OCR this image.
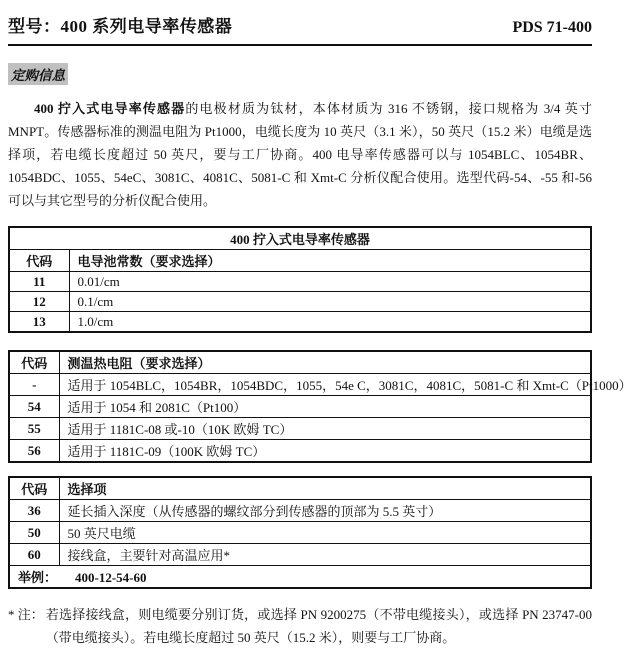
型号：400 系列电导率传感器	PDS 71-400
定购信息

400 拧入式电导率传感器的电极材质为钛材，本体材质为 316 不锈钢，接口规格为 3/4 英寸 MNPT。传感器标准的测温电阻为 Pt1000，电缆长度为 10 英尺（3.1 米），50 英尺（15.2 米）电缆是选择项，若电缆长度超过 50 英尺，要与工厂协商。400 电导率传感器可以与 1054BLC、1054BR、1054BDC、1055、54eC、3081C、4081C、5081-C 和 Xmt-C 分析仪配合使用。选型代码-54、-55 和-56 可以与其它型号的分析仪配合使用。

400 拧入式电导率传感器	
代码	电导池常数（要求选择）
11	0.01/cm
12	0.1/cm
13	1.0/cm
代码	测温热电阻（要求选择）
-	适用于 1054BLC，1054BR，1054BDC，1055，54e C，3081C，4081C，5081-C 和 Xmt-C（Pt1000）
54	适用于 1054 和 2081C（Pt100）
55	适用于 1181C-08 或-10（10K 欧姆 TC）
56	适用于 1181C-09（100K 欧姆 TC）
代码	选择项
36	延长插入深度（从传感器的螺纹部分到传感器的顶部为 5.5 英寸）
50	50 英尺电缆
60	接线盒，主要针对高温应用*
举例： 400-12-54-60	
* 注： 若选择接线盒，则电缆要分别订货，或选择 PN 9200275（不带电缆接头），或选择 PN 23747-00（带电缆接头）。若电缆长度超过 50 英尺（15.2 米），则要与工厂协商。
